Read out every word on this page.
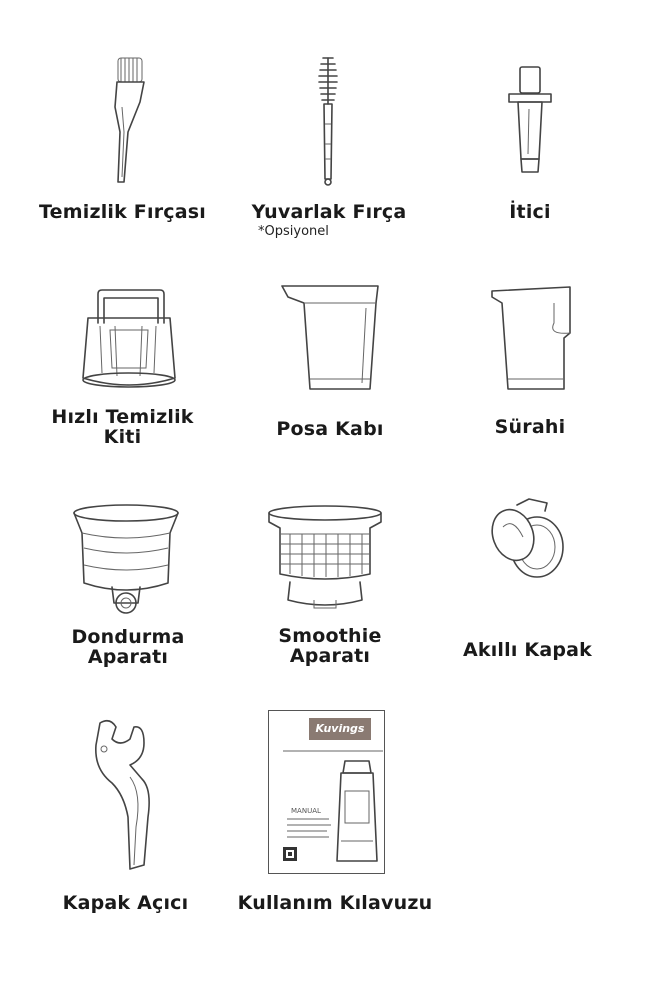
Temizlik Fırçası	Yuvarlak Fırça
*Opsiyonel
İtici
Hızlı Temizlik
Kiti	Posa Kabı	Sürahi
Dondurma
Aparatı
Smoothie
Aparatı	Akıllı Kapak
Kapak Açıcı
Kuvings
MANUAL
Kullanım Kılavuzu
